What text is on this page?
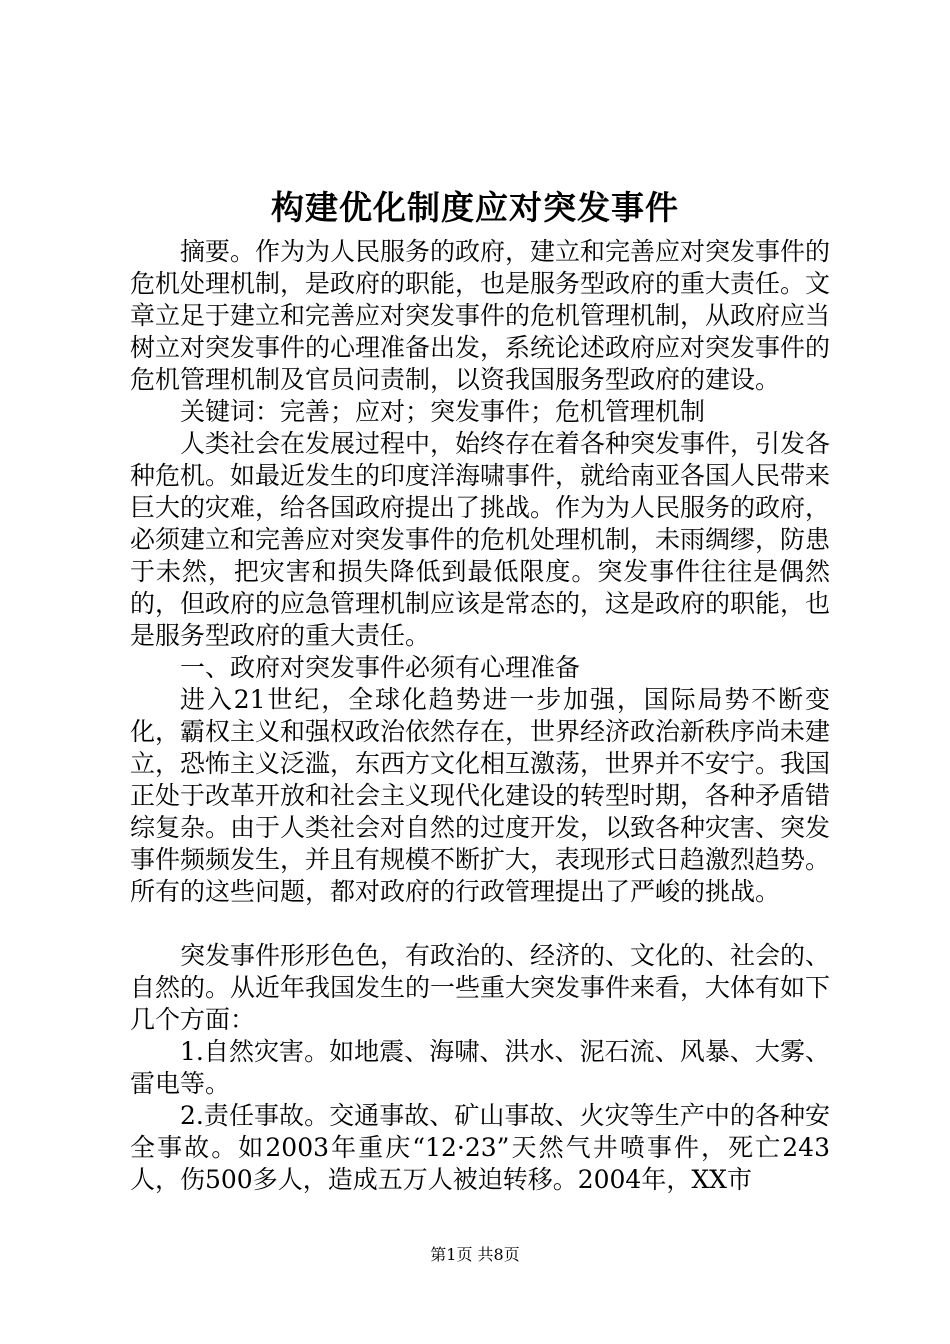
构建优化制度应对突发事件

摘要。作为为人民服务的政府，建立和完善应对突发事件的危机处理机制，是政府的职能，也是服务型政府的重大责任。文章立足于建立和完善应对突发事件的危机管理机制，从政府应当树立对突发事件的心理准备出发，系统论述政府应对突发事件的危机管理机制及官员问责制，以资我国服务型政府的建设。

关键词：完善；应对；突发事件；危机管理机制

人类社会在发展过程中，始终存在着各种突发事件，引发各种危机。如最近发生的印度洋海啸事件，就给南亚各国人民带来巨大的灾难，给各国政府提出了挑战。作为为人民服务的政府，必须建立和完善应对突发事件的危机处理机制，未雨绸缪，防患于未然，把灾害和损失降低到最低限度。突发事件往往是偶然的，但政府的应急管理机制应该是常态的，这是政府的职能，也是服务型政府的重大责任。

一、政府对突发事件必须有心理准备

进入21世纪，全球化趋势进一步加强，国际局势不断变化，霸权主义和强权政治依然存在，世界经济政治新秩序尚未建立，恐怖主义泛滥，东西方文化相互激荡，世界并不安宁。我国正处于改革开放和社会主义现代化建设的转型时期，各种矛盾错综复杂。由于人类社会对自然的过度开发，以致各种灾害、突发事件频频发生，并且有规模不断扩大，表现形式日趋激烈趋势。所有的这些问题，都对政府的行政管理提出了严峻的挑战。

突发事件形形色色，有政治的、经济的、文化的、社会的、自然的。从近年我国发生的一些重大突发事件来看，大体有如下几个方面：

1.自然灾害。如地震、海啸、洪水、泥石流、风暴、大雾、雷电等。

2.责任事故。交通事故、矿山事故、火灾等生产中的各种安全事故。如2003年重庆“12·23”天然气井喷事件，死亡243人，伤500多人，造成五万人被迫转移。2004年，XX市

第1页 共8页
